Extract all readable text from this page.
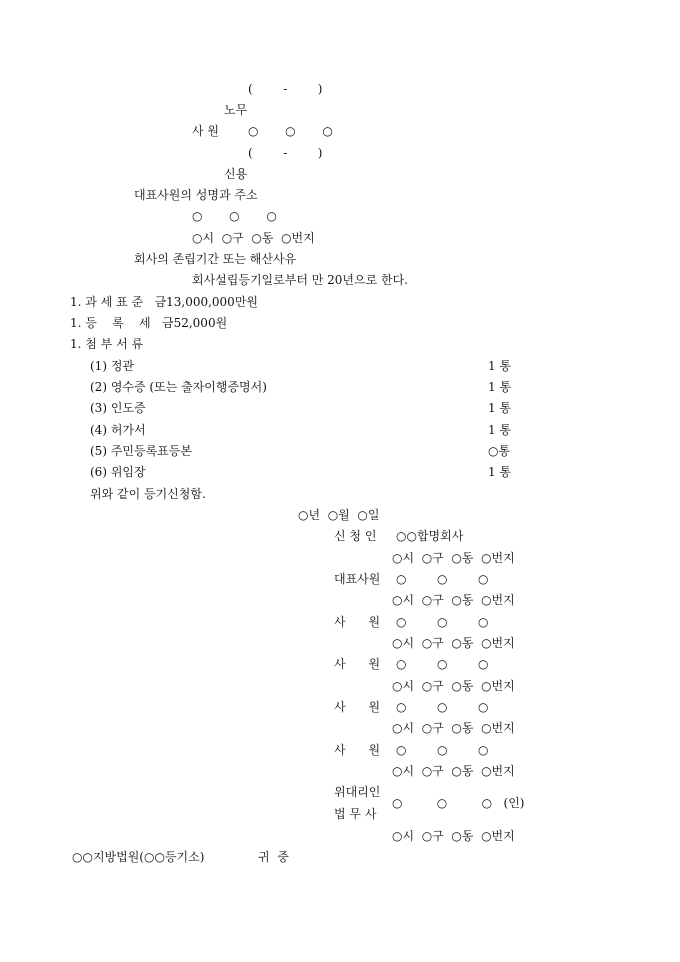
(        -        )
노무
사 원 ○       ○       ○
(        -        )
신용
대표사원의 성명과 주소
○       ○       ○
○시  ○구  ○동  ○번지
회사의 존립기간 또는 해산사유
회사설립등기일로부터 만 20년으로 한다.
1. 과 세 표 준   금13,000,000만원
1. 등    록    세   금52,000원
1. 첨 부 서 류
(1) 정관	1 통
(2) 영수증 (또는 출자이행증명서)	1 통
(3) 인도증	1 통
(4) 허가서	1 통
(5) 주민등록표등본	○통
(6) 위임장	1 통
위와 같이 등기신청함.
○년  ○월  ○일
신 청 인 ○○합명회사
○시  ○구  ○동  ○번지
대표사원 ○        ○        ○
○시  ○구  ○동  ○번지
사      원 ○        ○        ○
○시  ○구  ○동  ○번지
사      원 ○        ○        ○
○시  ○구  ○동  ○번지
사      원 ○        ○        ○
○시  ○구  ○동  ○번지
사      원 ○        ○        ○
○시  ○구  ○동  ○번지
위대리인
○         ○         ○   (인)
법 무 사
○시  ○구  ○동  ○번지
○○지방법원(○○등기소)	귀  중
